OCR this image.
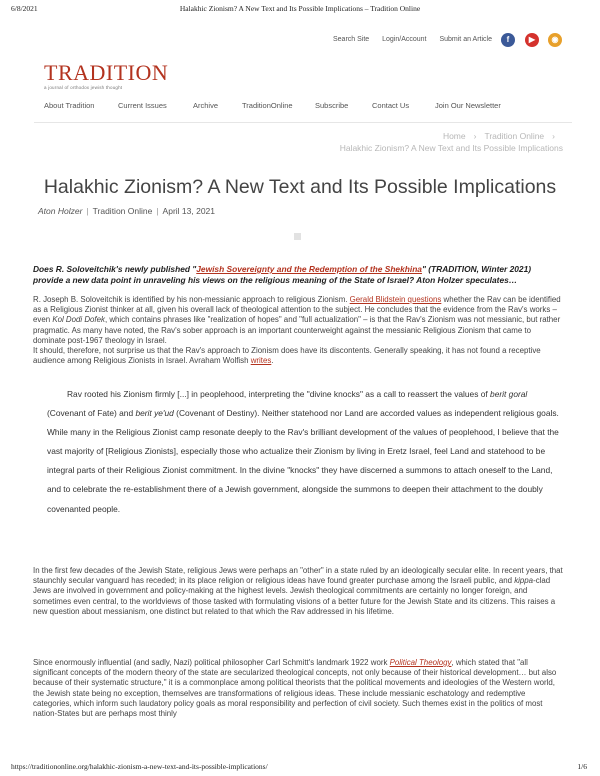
6/8/2021	Halakhic Zionism? A New Text and Its Possible Implications – Tradition Online
Search Site Login/Account Submit an Article	f	▶	◉
TRADITION
a journal of orthodox jewish thought
About Tradition	Current Issues	Archive	TraditionOnline	Subscribe	Contact Us	Join Our Newsletter
Home › Tradition Online ›
Halakhic Zionism? A New Text and Its Possible Implications
Halakhic Zionism? A New Text and Its Possible Implications
Aton Holzer | Tradition Online | April 13, 2021
Does R. Soloveitchik's newly published "Jewish Sovereignty and the Redemption of the Shekhina" (TRADITION, Winter 2021) provide a new data point in unraveling his views on the religious meaning of the State of Israel? Aton Holzer speculates…
R. Joseph B. Soloveitchik is identified by his non-messianic approach to religious Zionism. Gerald Blidstein questions whether the Rav can be identified as a Religious Zionist thinker at all, given his overall lack of theological attention to the subject. He concludes that the evidence from the Rav's works – even Kol Dodi Dofek, which contains phrases like "realization of hopes" and "full actualization" – is that the Rav's Zionism was not messianic, but rather pragmatic. As many have noted, the Rav's sober approach is an important counterweight against the messianic Religious Zionism that came to dominate post-1967 theology in Israel.
It should, therefore, not surprise us that the Rav's approach to Zionism does have its discontents. Generally speaking, it has not found a receptive audience among Religious Zionists in Israel. Avraham Wolfish writes.
Rav rooted his Zionism firmly [...] in peoplehood, interpreting the "divine knocks" as a call to reassert the values of berit goral (Covenant of Fate) and berit ye'ud (Covenant of Destiny). Neither statehood nor Land are accorded values as independent religious goals. While many in the Religious Zionist camp resonate deeply to the Rav's brilliant development of the values of peoplehood, I believe that the vast majority of [Religious Zionists], especially those who actualize their Zionism by living in Eretz Israel, feel Land and statehood to be integral parts of their Religious Zionist commitment. In the divine "knocks" they have discerned a summons to attach oneself to the Land, and to celebrate the re-establishment there of a Jewish government, alongside the summons to deepen their attachment to the doubly covenanted people.
In the first few decades of the Jewish State, religious Jews were perhaps an "other" in a state ruled by an ideologically secular elite. In recent years, that staunchly secular vanguard has receded; in its place religion or religious ideas have found greater purchase among the Israeli public, and kippa-clad Jews are involved in government and policy-making at the highest levels. Jewish theological commitments are certainly no longer foreign, and sometimes even central, to the worldviews of those tasked with formulating visions of a better future for the Jewish State and its citizens. This raises a new question about messianism, one distinct but related to that which the Rav addressed in his lifetime.
Since enormously influential (and sadly, Nazi) political philosopher Carl Schmitt's landmark 1922 work Political Theology, which stated that "all significant concepts of the modern theory of the state are secularized theological concepts, not only because of their historical development… but also because of their systematic structure," it is a commonplace among political theorists that the political movements and ideologies of the Western world, the Jewish state being no exception, themselves are transformations of religious ideas. These include messianic eschatology and redemptive categories, which inform such laudatory policy goals as moral responsibility and perfection of civil society. Such themes exist in the politics of most nation-States but are perhaps most thinly
https://traditiononline.org/halakhic-zionism-a-new-text-and-its-possible-implications/	1/6
